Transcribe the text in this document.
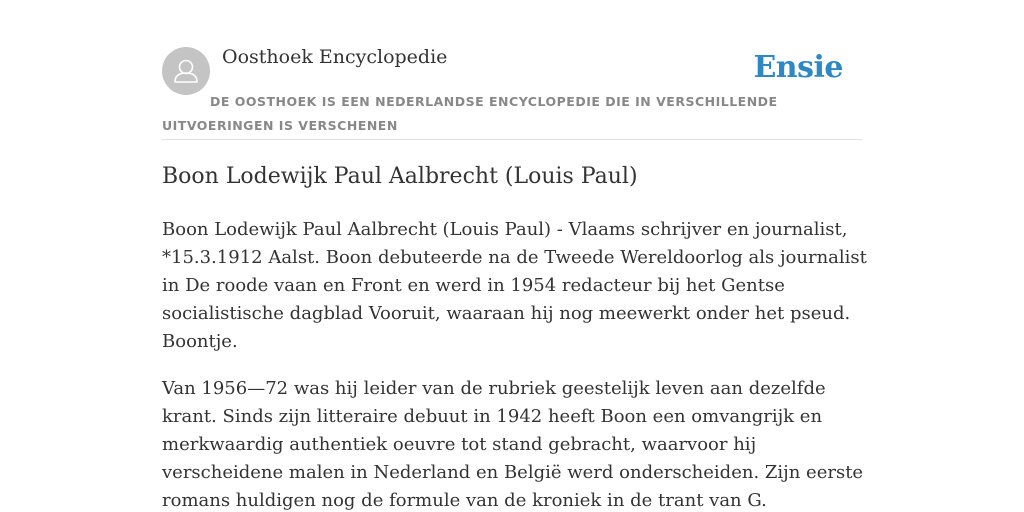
Oosthoek Encyclopedie	Ensie
DE OOSTHOEK IS EEN NEDERLANDSE ENCYCLOPEDIE DIE IN VERSCHILLENDE UITVOERINGEN IS VERSCHENEN
Boon Lodewijk Paul Aalbrecht (Louis Paul)

Boon Lodewijk Paul Aalbrecht (Louis Paul) - Vlaams schrijver en journalist, *15.3.1912 Aalst. Boon debuteerde na de Tweede Wereldoorlog als journalist in De roode vaan en Front en werd in 1954 redacteur bij het Gentse socialistische dagblad Vooruit, waaraan hij nog meewerkt onder het pseud. Boontje.

Van 1956—72 was hij leider van de rubriek geestelijk leven aan dezelfde krant. Sinds zijn litteraire debuut in 1942 heeft Boon een omvangrijk en merkwaardig authentiek oeuvre tot stand gebracht, waarvoor hij verscheidene malen in Nederland en België werd onderscheiden. Zijn eerste romans huldigen nog de formule van de kroniek in de trant van G.
